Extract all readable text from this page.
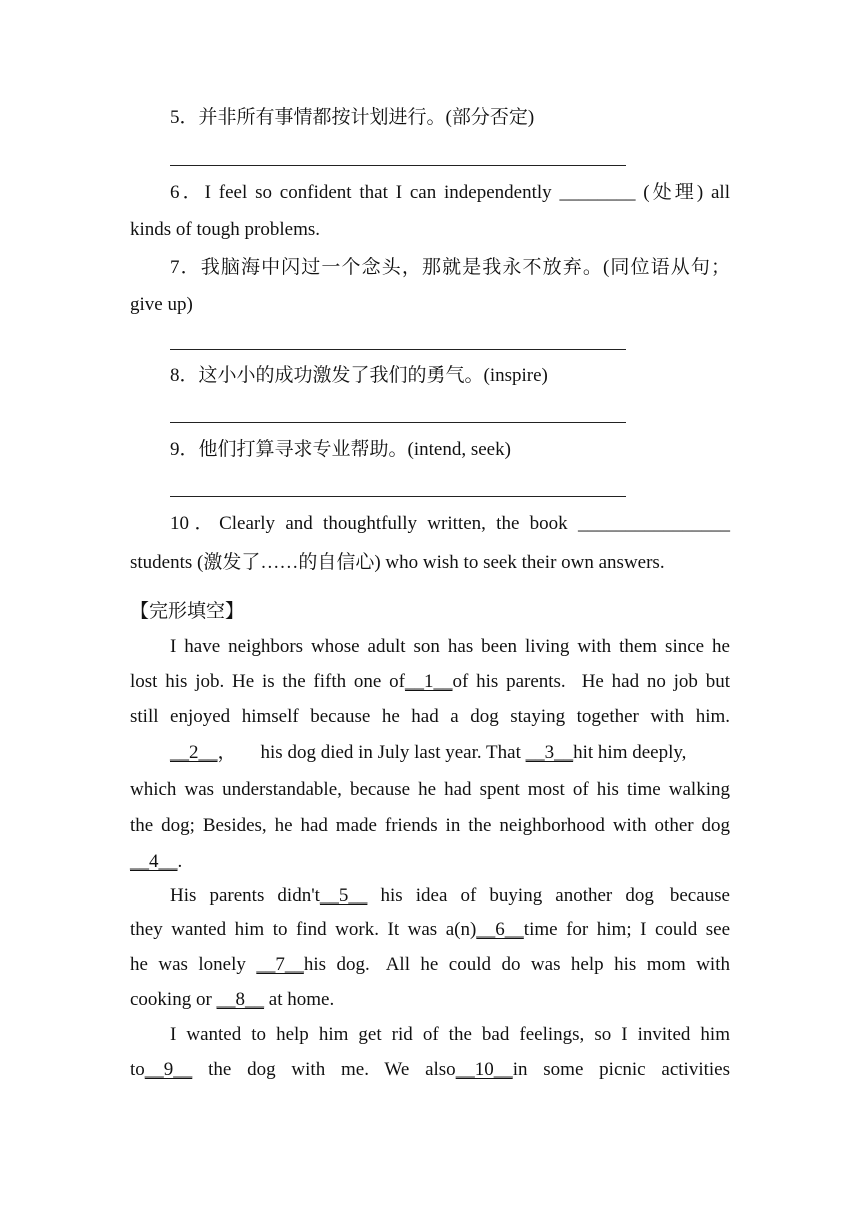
5．并非所有事情都按计划进行。(部分否定)
6．I feel so confident that I can independently ________ (处理) all
kinds of tough problems.
7．我脑海中闪过一个念头，那就是我永不放弃。(同位语从句；
give up)
8．这小小的成功激发了我们的勇气。(inspire)
9．他们打算寻求专业帮助。(intend, seek)
10．Clearly and thoughtfully written, the book ________________
students (激发了……的自信心) who wish to seek their own answers.
【完形填空】
I have neighbors whose adult son has been living with them since he
lost his job. He is the fifth one of__1__of his parents. He had no job but
still enjoyed himself because he had a dog staying together with him.
__2__， his dog died in July last year. That __3__hit him deeply,
which was understandable, because he had spent most of his time walking
the dog; Besides, he had made friends in the neighborhood with other dog
__4__.
His parents didn't__5__ his idea of buying another dog because
they wanted him to find work. It was a(n)__6__time for him; I could see
he was lonely __7__his dog. All he could do was help his mom with
cooking or __8__ at home.
I wanted to help him get rid of the bad feelings, so I invited him
to__9__ the dog with me. We also__10__in some picnic activities
